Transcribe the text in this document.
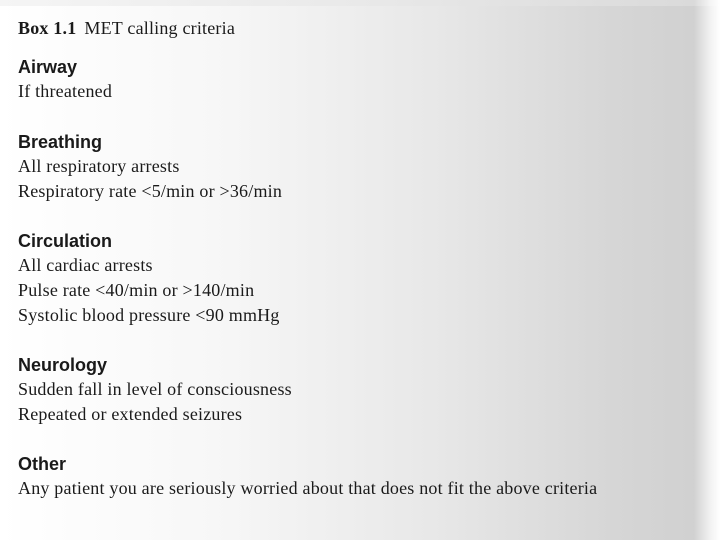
Box 1.1 MET calling criteria
Airway
If threatened
Breathing
All respiratory arrests
Respiratory rate <5/min or >36/min
Circulation
All cardiac arrests
Pulse rate <40/min or >140/min
Systolic blood pressure <90 mmHg
Neurology
Sudden fall in level of consciousness
Repeated or extended seizures
Other
Any patient you are seriously worried about that does not fit the above criteria
